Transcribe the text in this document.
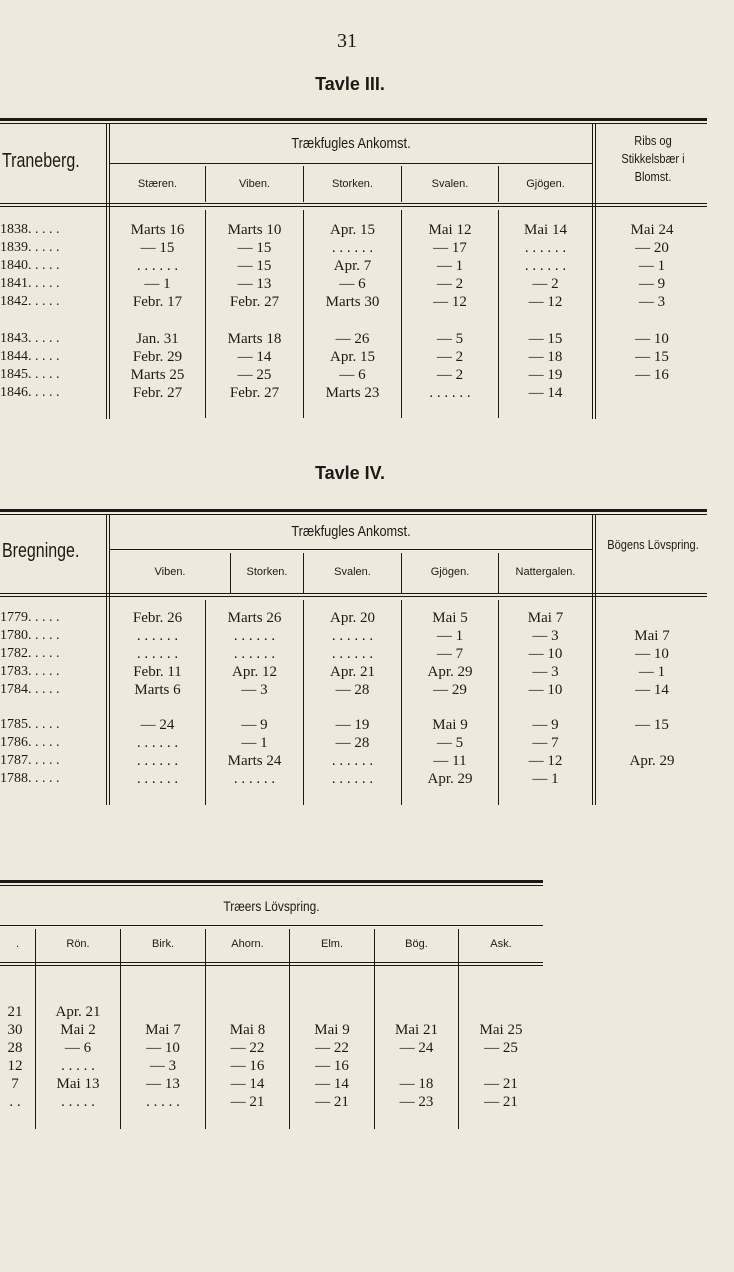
31
Tavle III.
Traneberg.
Trækfugles Ankomst.	Ribs og Stikkelsbær i Blomst.
Stæren.	Viben.	Storken.	Svalen.	Gjögen.
1838. . . . .	Marts 16	Marts 10	Apr. 15	Mai 12	Mai 14	Mai 24
1839. . . . .	— 15	— 15	. . . . . .	— 17	. . . . . .	— 20
1840. . . . .	. . . . . .	— 15	Apr. 7	— 1	. . . . . .	— 1
1841. . . . .	— 1	— 13	— 6	— 2	— 2	— 9
1842. . . . .	Febr. 17	Febr. 27	Marts 30	— 12	— 12	— 3
1843. . . . .	Jan. 31	Marts 18	— 26	— 5	— 15	— 10
1844. . . . .	Febr. 29	— 14	Apr. 15	— 2	— 18	— 15
1845. . . . .	Marts 25	— 25	— 6	— 2	— 19	— 16
1846. . . . .	Febr. 27	Febr. 27	Marts 23	. . . . . .	— 14
Tavle IV.
Bregninge.
Trækfugles Ankomst.
Bögens Lövspring.
Viben.	Storken.	Svalen.	Gjögen.	Nattergalen.
1779. . . . .	Febr. 26	Marts 26	Apr. 20	Mai 5	Mai 7
1780. . . . .	. . . . . .	. . . . . .	. . . . . .	— 1	— 3	Mai 7
1782. . . . .	. . . . . .	. . . . . .	. . . . . .	— 7	— 10	— 10
1783. . . . .	Febr. 11	Apr. 12	Apr. 21	Apr. 29	— 3	— 1
1784. . . . .	Marts 6	— 3	— 28	— 29	— 10	— 14
1785. . . . .	— 24	— 9	— 19	Mai 9	— 9	— 15
1786. . . . .	. . . . . .	— 1	— 28	— 5	— 7
1787. . . . .	. . . . . .	Marts 24	. . . . . .	— 11	— 12	Apr. 29
1788. . . . .	. . . . . .	. . . . . .	. . . . . .	Apr. 29	— 1
Træers Lövspring.
.	Rön.	Birk.	Ahorn.	Elm.	Bög.	Ask.
21	Apr. 21
30	Mai 2	Mai 7	Mai 8	Mai 9	Mai 21	Mai 25
28	— 6	— 10	— 22	— 22	— 24	— 25
12	. . . . .	— 3	— 16	— 16
7	Mai 13	— 13	— 14	— 14	— 18	— 21
. .	. . . . .	. . . . .	— 21	— 21	— 23	— 21
